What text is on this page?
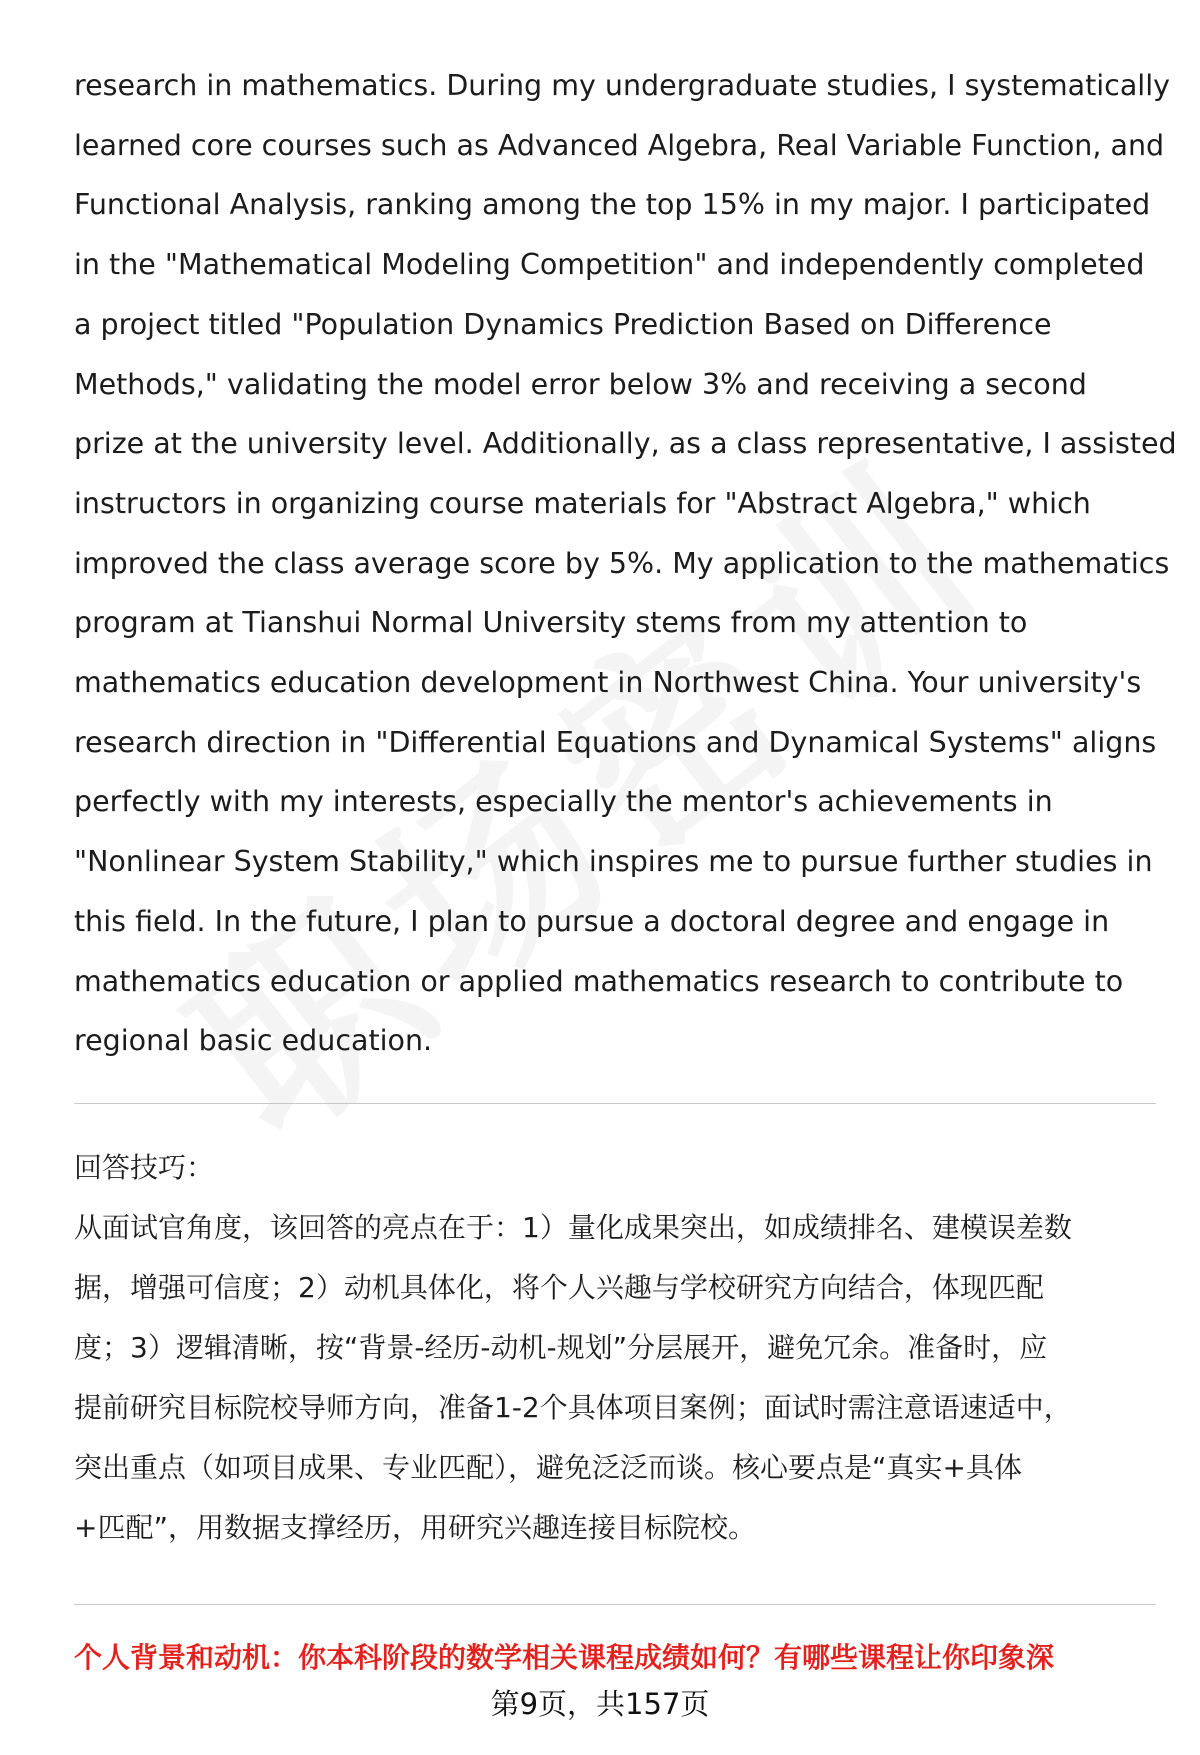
research in mathematics. During my undergraduate studies, I systematically
learned core courses such as Advanced Algebra, Real Variable Function, and
Functional Analysis, ranking among the top 15% in my major. I participated
in the "Mathematical Modeling Competition" and independently completed
a project titled "Population Dynamics Prediction Based on Difference
Methods," validating the model error below 3% and receiving a second
prize at the university level. Additionally, as a class representative, I assisted
instructors in organizing course materials for "Abstract Algebra," which
improved the class average score by 5%. My application to the mathematics
program at Tianshui Normal University stems from my attention to
mathematics education development in Northwest China. Your university's
research direction in "Differential Equations and Dynamical Systems" aligns
perfectly with my interests, especially the mentor's achievements in
"Nonlinear System Stability," which inspires me to pursue further studies in
this field. In the future, I plan to pursue a doctoral degree and engage in
mathematics education or applied mathematics research to contribute to
regional basic education.
回答技巧：
从面试官角度，该回答的亮点在于：1）量化成果突出，如成绩排名、建模误差数
据，增强可信度；2）动机具体化，将个人兴趣与学校研究方向结合，体现匹配
度；3）逻辑清晰，按“背景-经历-动机-规划”分层展开，避免冗余。准备时，应
提前研究目标院校导师方向，准备1-2个具体项目案例；面试时需注意语速适中，
突出重点（如项目成果、专业匹配），避免泛泛而谈。核心要点是“真实+具体
+匹配”，用数据支撑经历，用研究兴趣连接目标院校。
个人背景和动机：你本科阶段的数学相关课程成绩如何？有哪些课程让你印象深
第9页，共157页
